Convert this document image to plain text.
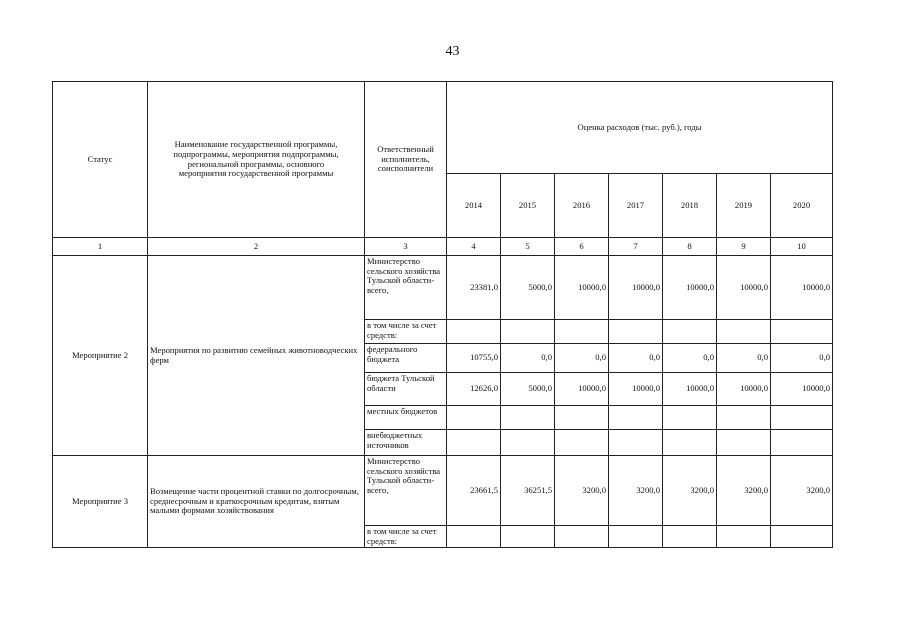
43
Статус	Наименование государственной программы, подпрограммы, мероприятия подпрограммы, региональной программы, основного мероприятия государственной программы	Ответственный исполнитель, соисполнители	Оценка расходов (тыс. руб.), годы						
			2014	2015	2016	2017	2018	2019	2020
1	2	3	4	5	6	7	8	9	10
Мероприятие 2	Мероприятия по развитию семейных животноводческих ферм	Министерство сельского хозяйства Тульской области- всего,	23381,0	5000,0	10000,0	10000,0	10000,0	10000,0	10000,0
		в том числе за счет средств:							
		федерального бюджета	10755,0	0,0	0,0	0,0	0,0	0,0	0,0
		бюджета Тульской области	12626,0	5000,0	10000,0	10000,0	10000,0	10000,0	10000,0
		местных бюджетов							
		внебюджетных источников							
Мероприятие 3	Возмещение части процентной ставки по долгосрочным, среднесрочным и краткосрочным кредитам, взятым малыми формами хозяйствования	Министерство сельского хозяйства Тульской области- всего,	23661,5	36251,5	3200,0	3200,0	3200,0	3200,0	3200,0
		в том числе за счет средств:							
